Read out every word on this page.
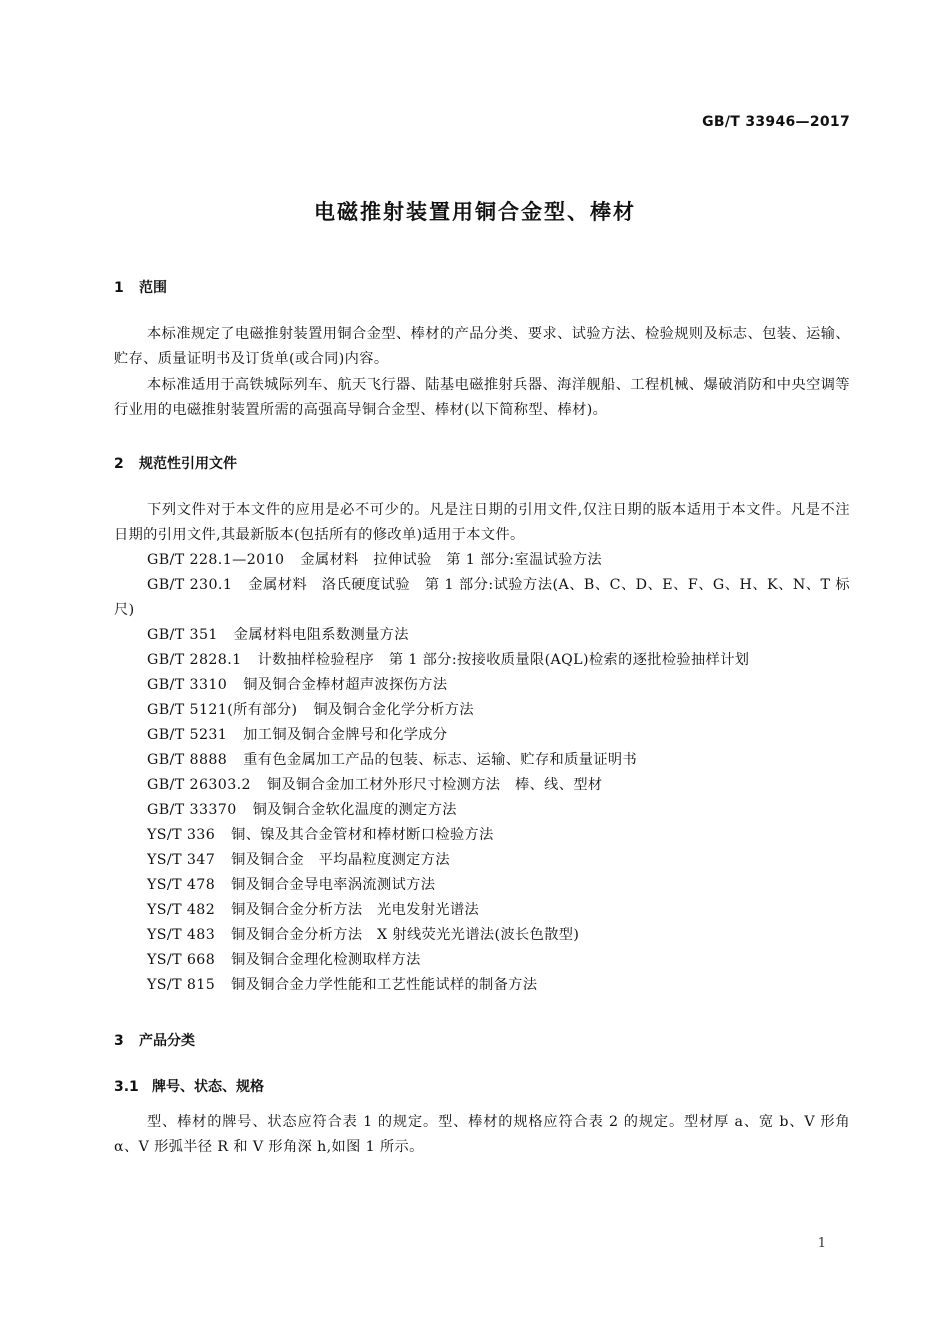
GB/T 33946—2017
电磁推射装置用铜合金型、棒材
1 范围
本标准规定了电磁推射装置用铜合金型、棒材的产品分类、要求、试验方法、检验规则及标志、包装、运输、贮存、质量证明书及订货单(或合同)内容。
本标准适用于高铁城际列车、航天飞行器、陆基电磁推射兵器、海洋舰船、工程机械、爆破消防和中央空调等行业用的电磁推射装置所需的高强高导铜合金型、棒材(以下简称型、棒材)。
2 规范性引用文件
下列文件对于本文件的应用是必不可少的。凡是注日期的引用文件,仅注日期的版本适用于本文件。凡是不注日期的引用文件,其最新版本(包括所有的修改单)适用于本文件。
GB/T 228.1—2010 金属材料　拉伸试验　第 1 部分:室温试验方法
GB/T 230.1 金属材料　洛氏硬度试验　第 1 部分:试验方法(A、B、C、D、E、F、G、H、K、N、T 标尺)
GB/T 351 金属材料电阻系数测量方法
GB/T 2828.1 计数抽样检验程序　第 1 部分:按接收质量限(AQL)检索的逐批检验抽样计划
GB/T 3310 铜及铜合金棒材超声波探伤方法
GB/T 5121(所有部分) 铜及铜合金化学分析方法
GB/T 5231 加工铜及铜合金牌号和化学成分
GB/T 8888 重有色金属加工产品的包装、标志、运输、贮存和质量证明书
GB/T 26303.2 铜及铜合金加工材外形尺寸检测方法　棒、线、型材
GB/T 33370 铜及铜合金软化温度的测定方法
YS/T 336 铜、镍及其合金管材和棒材断口检验方法
YS/T 347 铜及铜合金　平均晶粒度测定方法
YS/T 478 铜及铜合金导电率涡流测试方法
YS/T 482 铜及铜合金分析方法　光电发射光谱法
YS/T 483 铜及铜合金分析方法　X 射线荧光光谱法(波长色散型)
YS/T 668 铜及铜合金理化检测取样方法
YS/T 815 铜及铜合金力学性能和工艺性能试样的制备方法
3 产品分类
3.1 牌号、状态、规格
型、棒材的牌号、状态应符合表 1 的规定。型、棒材的规格应符合表 2 的规定。型材厚 a、宽 b、V 形角 α、V 形弧半径 R 和 V 形角深 h,如图 1 所示。
1
